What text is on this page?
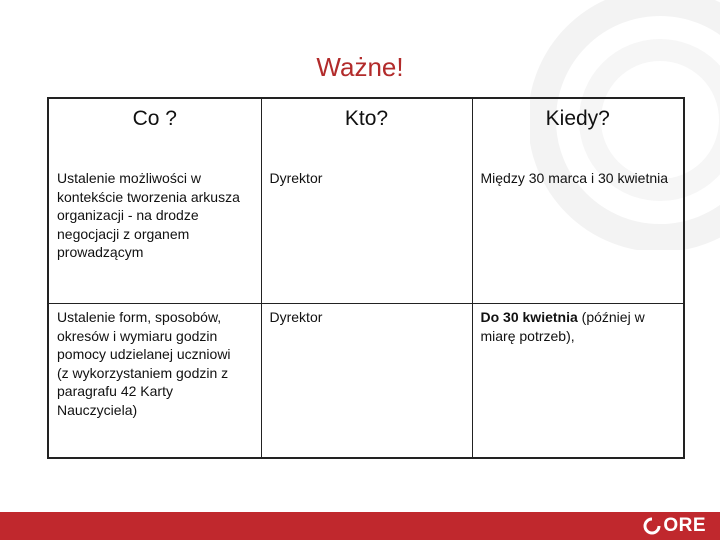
Ważne!
Co ?	Kto?	Kiedy?
Ustalenie możliwości w kontekście tworzenia arkusza organizacji - na drodze negocjacji z organem prowadzącym	Dyrektor	Między 30 marca i 30 kwietnia

Ustalenie form, sposobów, okresów i wymiaru godzin pomocy udzielanej uczniowi
(z wykorzystaniem godzin z paragrafu 42 Karty Nauczyciela)	Dyrektor	Do 30 kwietnia (później w miarę potrzeb),
ORE
